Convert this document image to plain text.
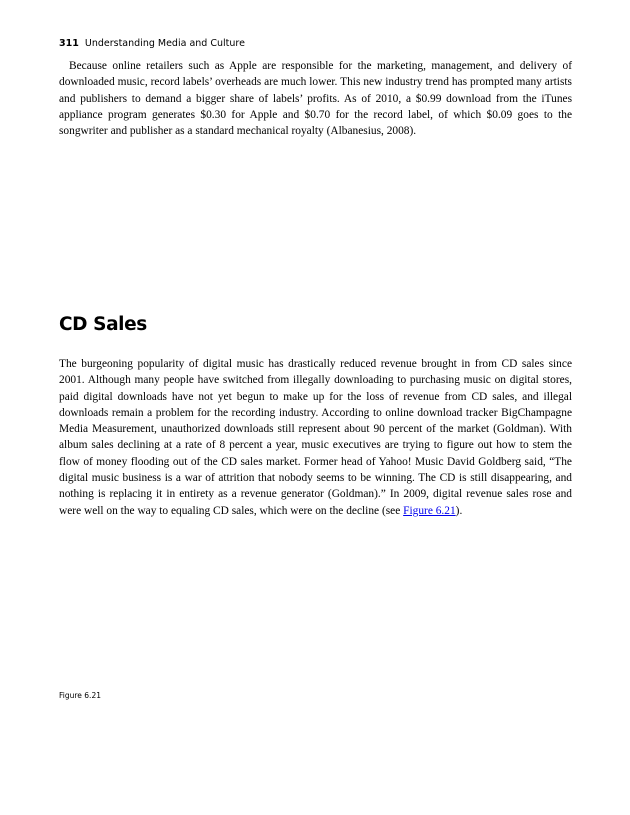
311 Understanding Media and Culture

Because online retailers such as Apple are responsible for the marketing, management, and delivery of downloaded music, record labels’ overheads are much lower. This new industry trend has prompted many artists and publishers to demand a bigger share of labels’ profits. As of 2010, a $0.99 download from the iTunes appliance program generates $0.30 for Apple and $0.70 for the record label, of which $0.09 goes to the songwriter and publisher as a standard mechanical royalty (Albanesius, 2008).

CD Sales

The burgeoning popularity of digital music has drastically reduced revenue brought in from CD sales since 2001. Although many people have switched from illegally downloading to purchasing music on digital stores, paid digital downloads have not yet begun to make up for the loss of revenue from CD sales, and illegal downloads remain a problem for the recording industry. According to online download tracker BigChampagne Media Measurement, unauthorized downloads still represent about 90 percent of the market (Goldman). With album sales declining at a rate of 8 percent a year, music executives are trying to figure out how to stem the flow of money flooding out of the CD sales market. Former head of Yahoo! Music David Goldberg said, “The digital music business is a war of attrition that nobody seems to be winning. The CD is still disappearing, and nothing is replacing it in entirety as a revenue generator (Goldman).” In 2009, digital revenue sales rose and were well on the way to equaling CD sales, which were on the decline (see Figure 6.21).

Figure 6.21
